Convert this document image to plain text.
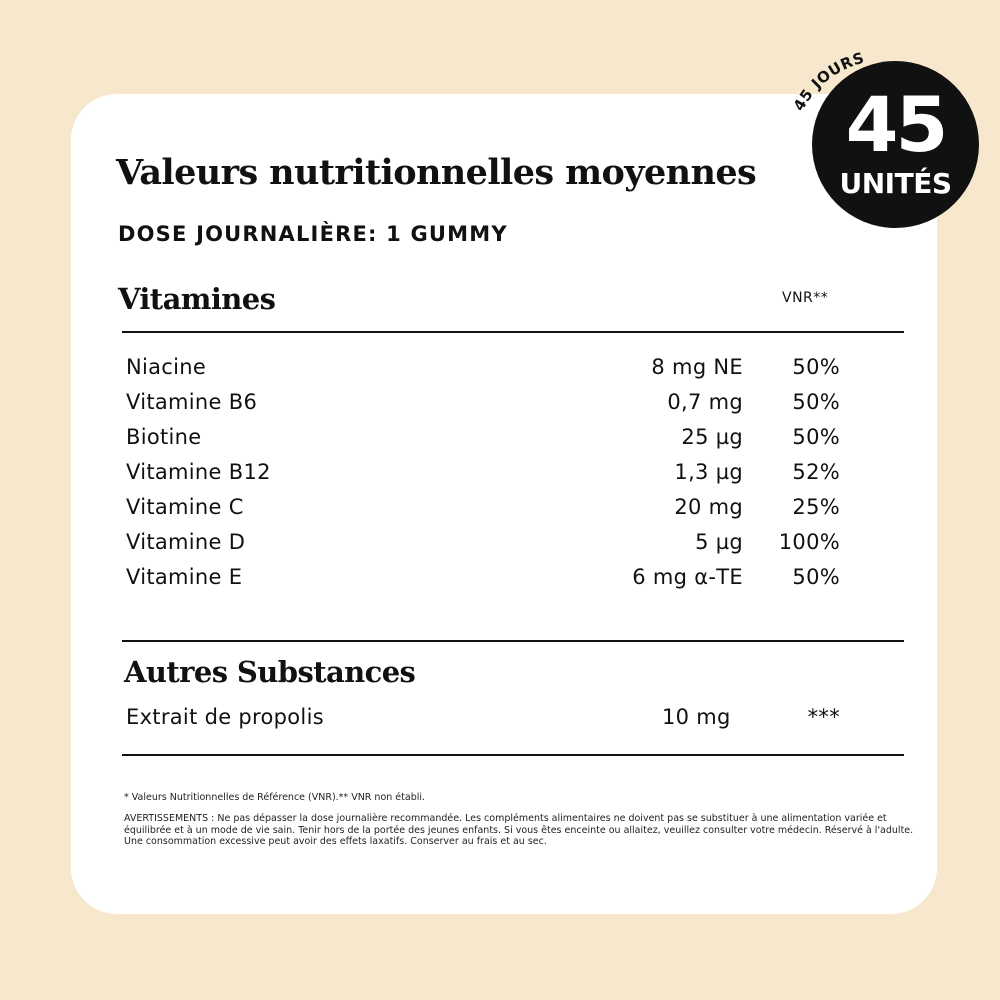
45 JOURS
45
UNITÉS
Valeurs nutritionnelles moyennes
DOSE JOURNALIÈRE: 1 GUMMY
Vitamines	VNR**
Niacine	8 mg NE 50%
Vitamine B6	0,7 mg 50%
Biotine	25 µg 50%
Vitamine B12	1,3 µg 52%
Vitamine C	20 mg 25%
Vitamine D	5 µg 100%
Vitamine E	6 mg α-TE 50%
Autres Substances
Extrait de propolis	10 mg	***
* Valeurs Nutritionnelles de Référence (VNR).** VNR non établi.
AVERTISSEMENTS : Ne pas dépasser la dose journalière recommandée. Les compléments alimentaires ne doivent pas se substituer à une alimentation variée et équilibrée et à un mode de vie sain. Tenir hors de la portée des jeunes enfants. Si vous êtes enceinte ou allaitez, veuillez consulter votre médecin. Réservé à l'adulte. Une consommation excessive peut avoir des effets laxatifs. Conserver au frais et au sec.
